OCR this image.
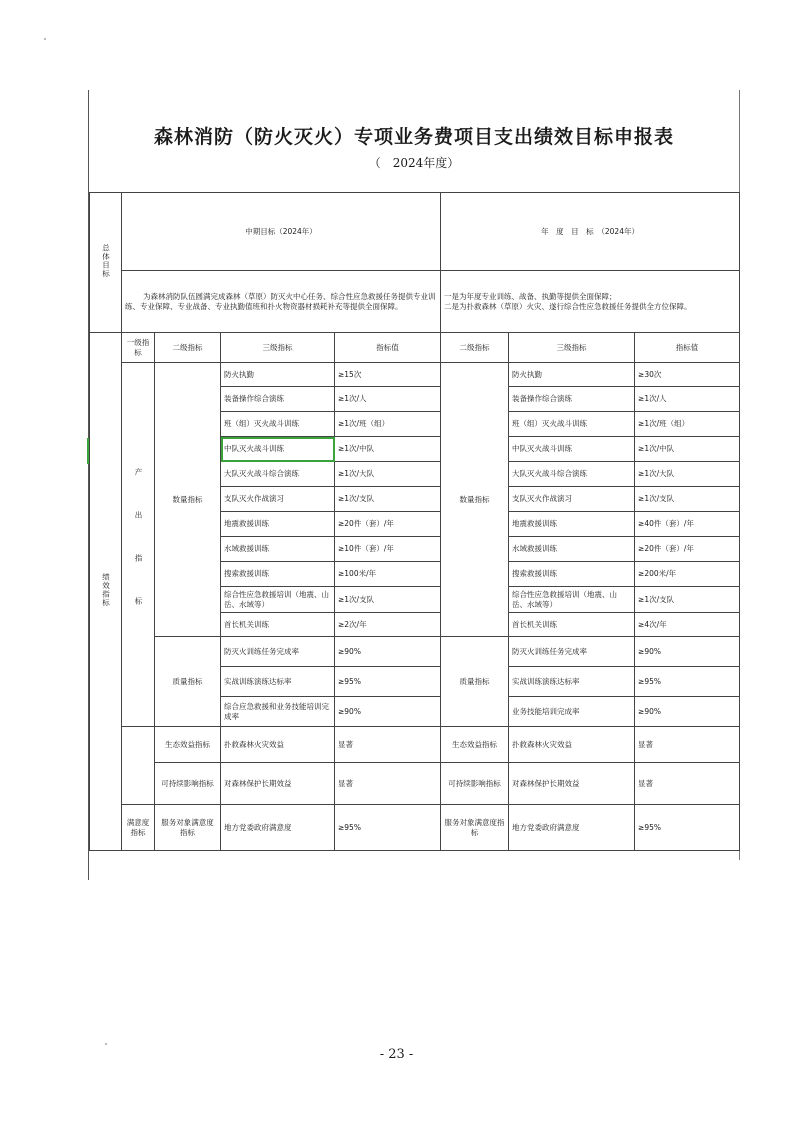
森林消防（防火灭火）专项业务费项目支出绩效目标申报表
（　2024年度）
总体目标	中期目标（2024年）				年　度　目　标　（2024年）		
	为森林消防队伍圆满完成森林（草原）防灭火中心任务、综合性应急救援任务提供专业训练、专业保障、专业战备、专业执勤值班和扑火物资器材损耗补充等提供全面保障。				一是为年度专业训练、战备、执勤等提供全面保障；
二是为扑救森林（草原）火灾、遂行综合性应急救援任务提供全方位保障。		
绩效指标	一级指标	二级指标	三级指标	指标值	二级指标	三级指标	指标值
	产　出　指　标	数量指标	防火执勤	≥15次	数量指标	防火执勤	≥30次
			装备操作综合演练	≥1次/人		装备操作综合演练	≥1次/人
			班（组）灭火战斗训练	≥1次/班（组）		班（组）灭火战斗训练	≥1次/班（组）
			中队灭火战斗训练	≥1次/中队		中队灭火战斗训练	≥1次/中队
			大队灭火战斗综合演练	≥1次/大队		大队灭火战斗综合演练	≥1次/大队
			支队灭火作战演习	≥1次/支队		支队灭火作战演习	≥1次/支队
			地震救援训练	≥20件（套）/年		地震救援训练	≥40件（套）/年
			水域救援训练	≥10件（套）/年		水域救援训练	≥20件（套）/年
			搜索救援训练	≥100米/年		搜索救援训练	≥200米/年
			综合性应急救援培训（地震、山岳、水域等）	≥1次/支队		综合性应急救援培训（地震、山岳、水域等）	≥1次/支队
			首长机关训练	≥2次/年		首长机关训练	≥4次/年
		质量指标	防灭火训练任务完成率	≥90%	质量指标	防灭火训练任务完成率	≥90%
			实战训练演练达标率	≥95%		实战训练演练达标率	≥95%
			综合应急救援和业务技能培训完成率	≥90%		业务技能培训完成率	≥90%
		生态效益指标	扑救森林火灾效益	显著	生态效益指标	扑救森林火灾效益	显著
		可持续影响指标	对森林保护长期效益	显著	可持续影响指标	对森林保护长期效益	显著
	满意度指标	服务对象满意度指标	地方党委政府满意度	≥95%	服务对象满意度指标	地方党委政府满意度	≥95%
- 23 -
